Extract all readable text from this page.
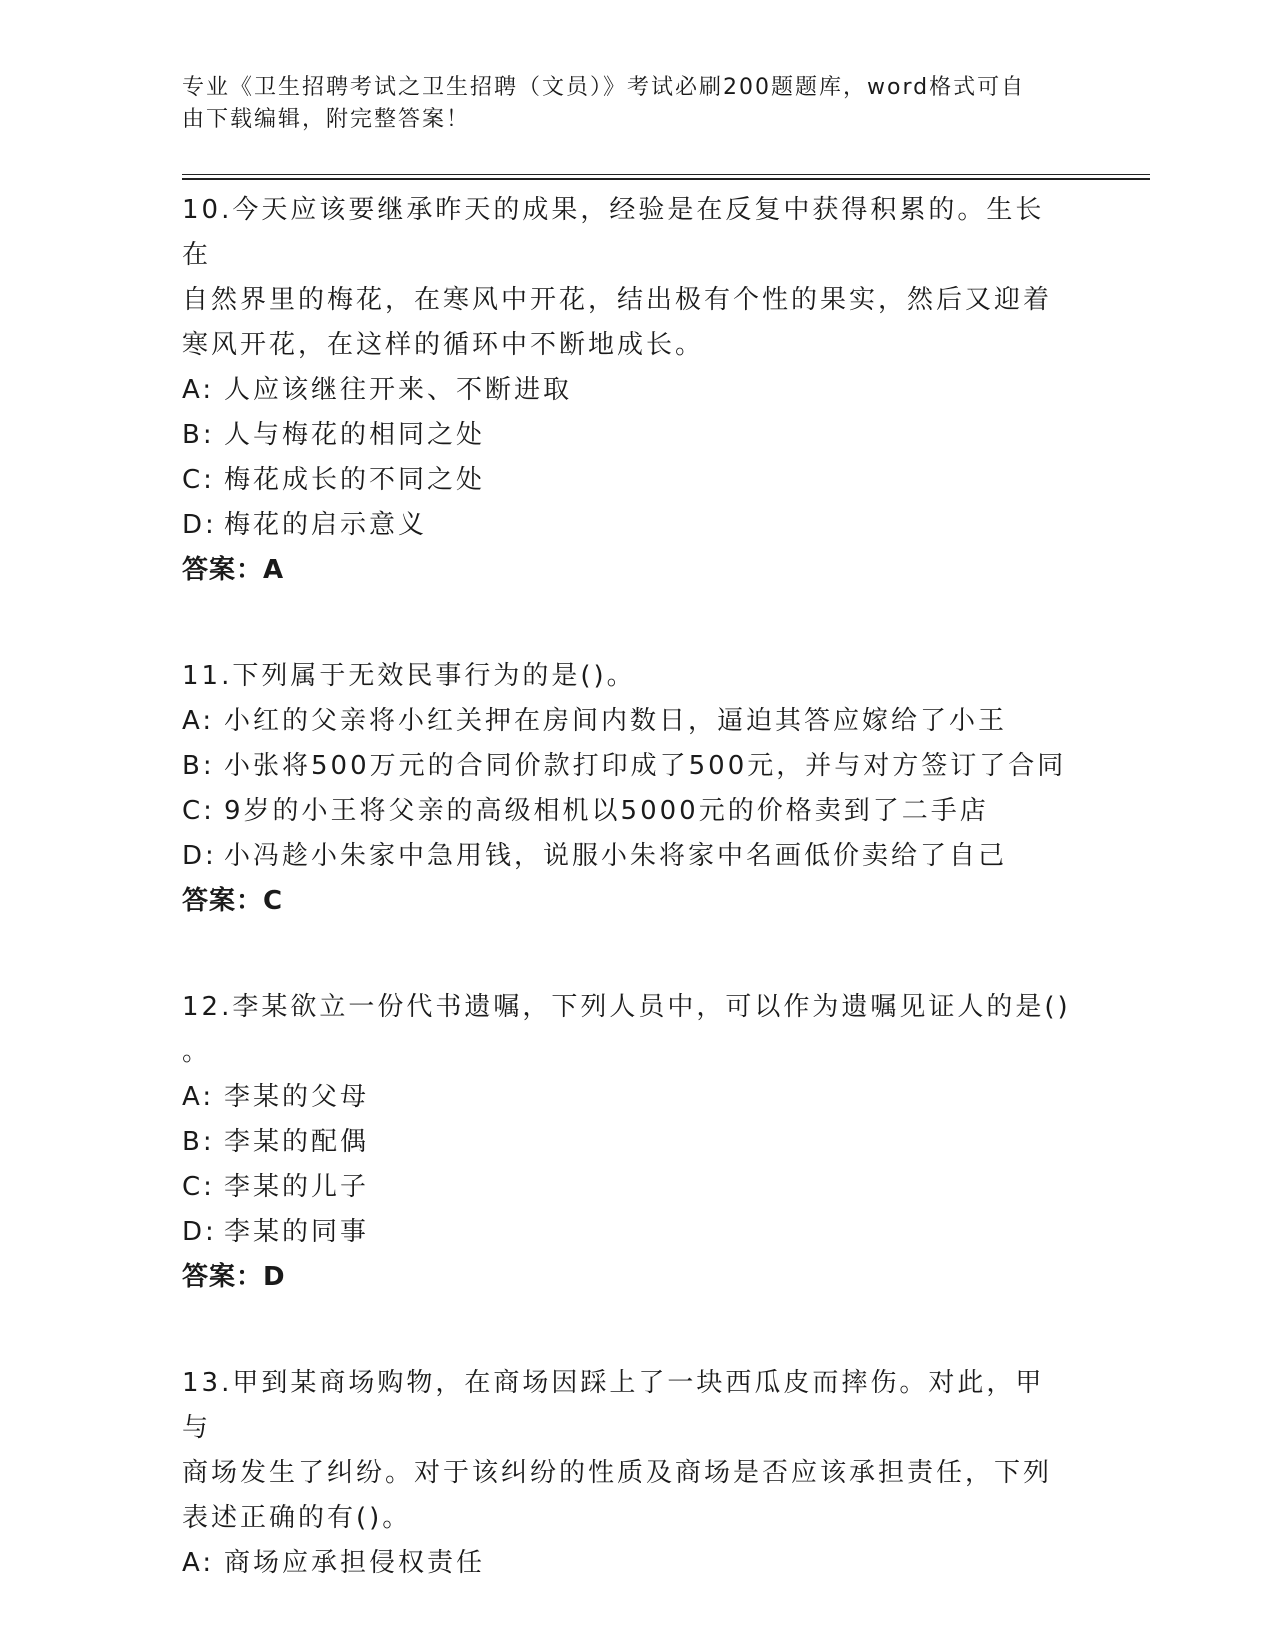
专业《卫生招聘考试之卫生招聘（文员）》考试必刷200题题库，word格式可自
由下载编辑，附完整答案！
10.今天应该要继承昨天的成果，经验是在反复中获得积累的。生长在
自然界里的梅花，在寒风中开花，结出极有个性的果实，然后又迎着
寒风开花，在这样的循环中不断地成长。
A: 人应该继往开来、不断进取
B: 人与梅花的相同之处
C: 梅花成长的不同之处
D: 梅花的启示意义
答案：A
11.下列属于无效民事行为的是()。
A: 小红的父亲将小红关押在房间内数日，逼迫其答应嫁给了小王
B: 小张将500万元的合同价款打印成了500元，并与对方签订了合同
C: 9岁的小王将父亲的高级相机以5000元的价格卖到了二手店
D: 小冯趁小朱家中急用钱，说服小朱将家中名画低价卖给了自己
答案：C
12.李某欲立一份代书遗嘱，下列人员中，可以作为遗嘱见证人的是()
。
A: 李某的父母
B: 李某的配偶
C: 李某的儿子
D: 李某的同事
答案：D
13.甲到某商场购物，在商场因踩上了一块西瓜皮而摔伤。对此，甲与
商场发生了纠纷。对于该纠纷的性质及商场是否应该承担责任，下列
表述正确的有()。
A: 商场应承担侵权责任
